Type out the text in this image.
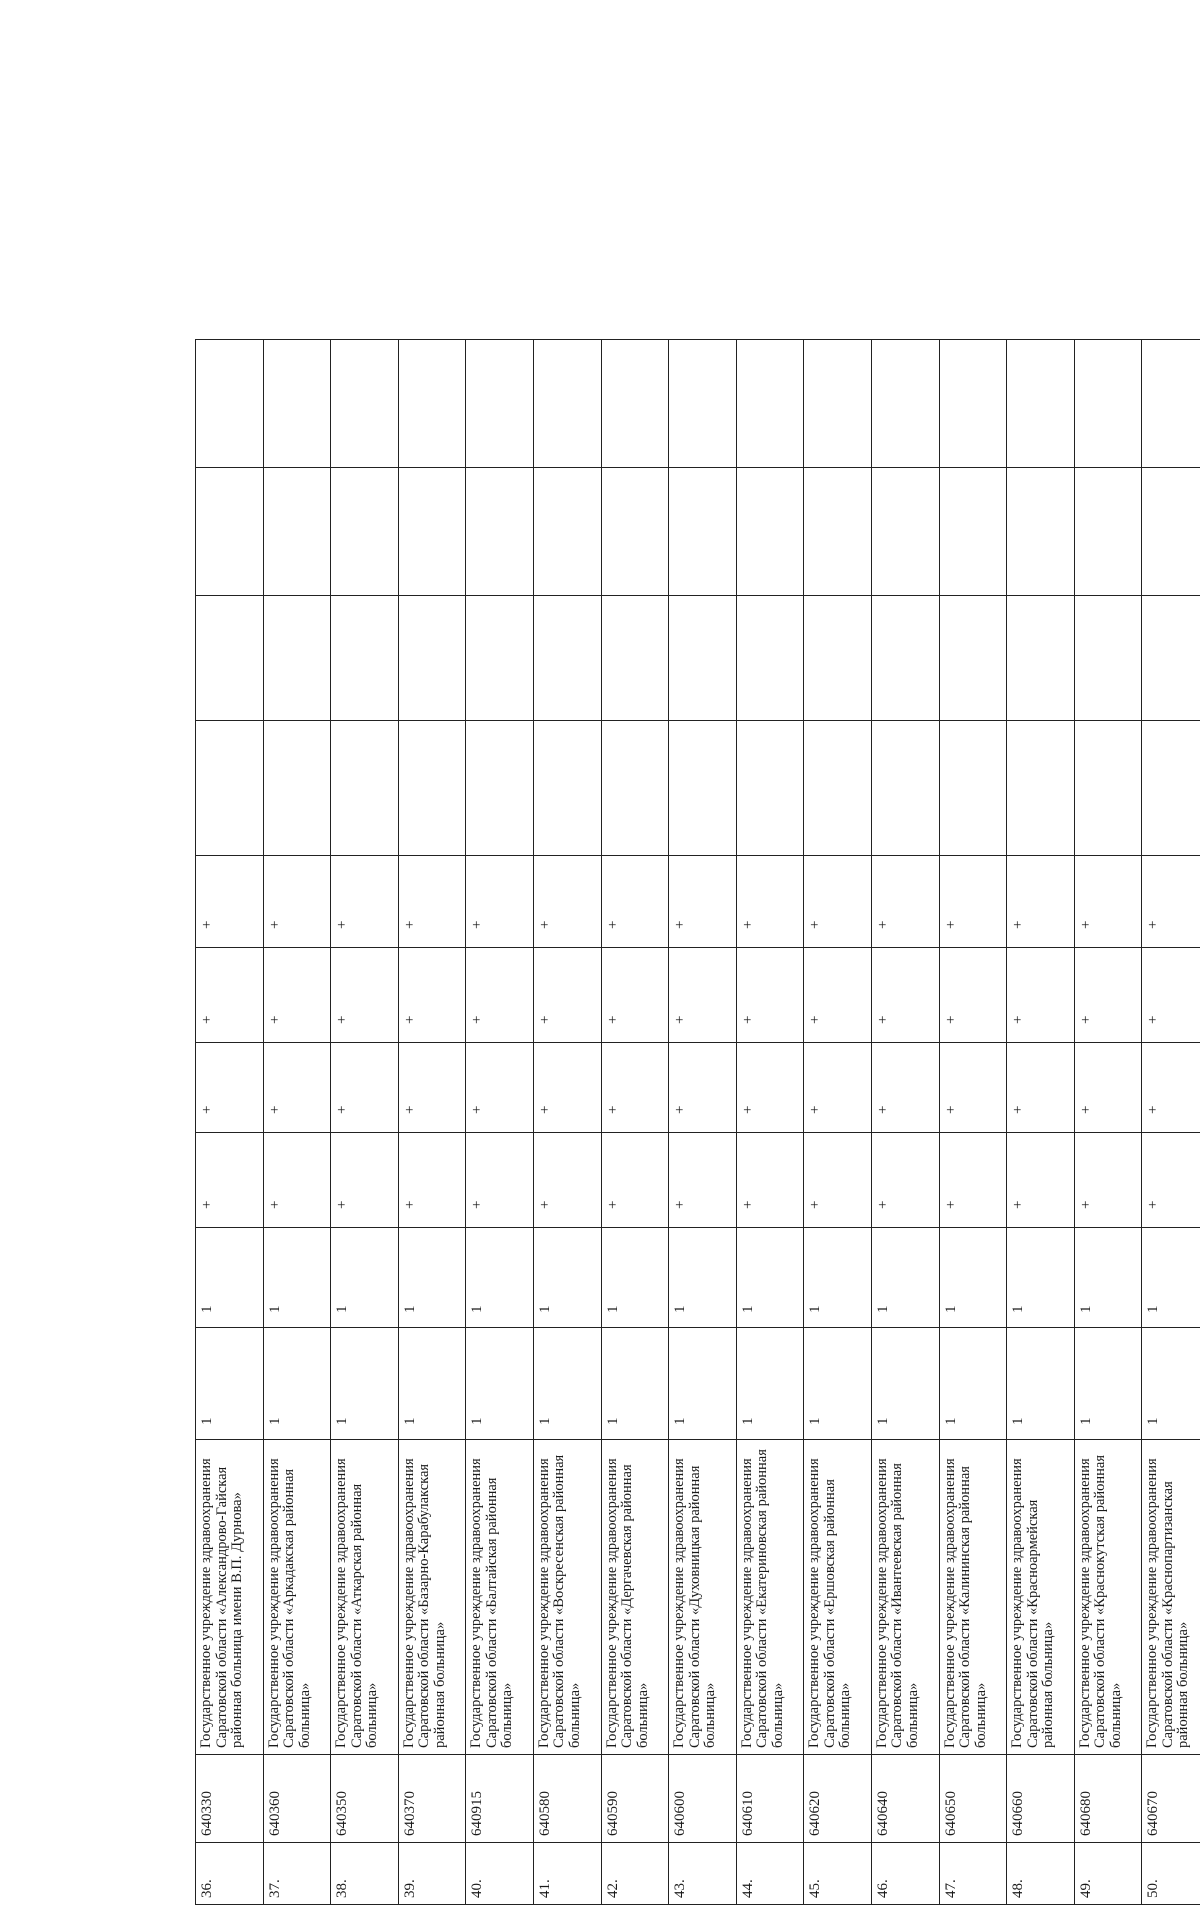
36.	640330	Государственное учреждение здравоохранения Саратовской области «Александрово-Гайская районная больница имени В.П. Дурнова»	1	1	+	+	+	+				
37.	640360	Государственное учреждение здравоохранения Саратовской области «Аркадакская районная больница»	1	1	+	+	+	+				
38.	640350	Государственное учреждение здравоохранения Саратовской области «Аткарская районная больница»	1	1	+	+	+	+				
39.	640370	Государственное учреждение здравоохранения Саратовской области «Базарно-Карабулакская районная больница»	1	1	+	+	+	+				
40.	640915	Государственное учреждение здравоохранения Саратовской области «Балтайская районная больница»	1	1	+	+	+	+				
41.	640580	Государственное учреждение здравоохранения Саратовской области «Воскресенская районная больница»	1	1	+	+	+	+				
42.	640590	Государственное учреждение здравоохранения Саратовской области «Дергачевская районная больница»	1	1	+	+	+	+				
43.	640600	Государственное учреждение здравоохранения Саратовской области «Духовницкая районная больница»	1	1	+	+	+	+				
44.	640610	Государственное учреждение здравоохранения Саратовской области «Екатериновская районная больница»	1	1	+	+	+	+				
45.	640620	Государственное учреждение здравоохранения Саратовской области «Ершовская районная больница»	1	1	+	+	+	+				
46.	640640	Государственное учреждение здравоохранения Саратовской области «Ивантеевская районная больница»	1	1	+	+	+	+				
47.	640650	Государственное учреждение здравоохранения Саратовской области «Калининская районная больница»	1	1	+	+	+	+				
48.	640660	Государственное учреждение здравоохранения Саратовской области «Красноармейская районная больница»	1	1	+	+	+	+				
49.	640680	Государственное учреждение здравоохранения Саратовской области «Краснокутская районная больница»	1	1	+	+	+	+				
50.	640670	Государственное учреждение здравоохранения Саратовской области «Краснопартизанская районная больница»	1	1	+	+	+	+				
